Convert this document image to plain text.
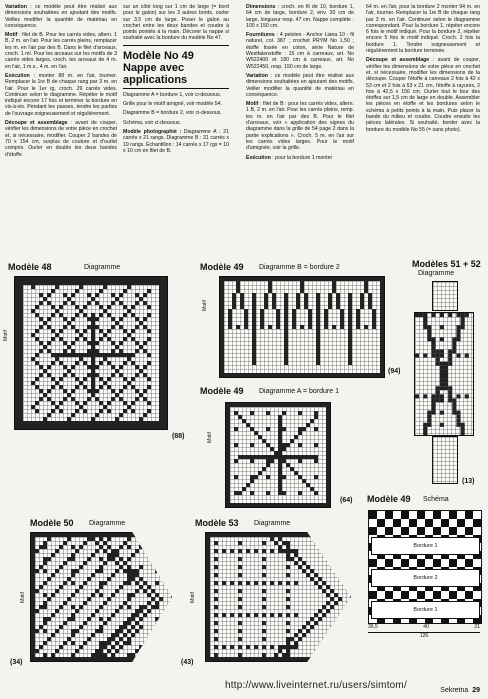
Variation : ce modèle peut être réalisé aux dimensions souhaitées en ajoutant des motifs. Veillez modifier la quantité de matériau en conséquence.

Motif : filet de B. Pour les carrés vides, altern. 1 B, 2 m. en l'air. Pour les carrés pleins, remplacer les m. en l'air par des B. Dans le filet d'arceaux, croch. 1 ml. Pour les arceaux sur les motifs de 3 carrés vides larges, croch. les arceaux de 4 m. en l'air, 1 m.s., 4 m. en l'air.

Exécution : monter 88 m. en l'air, tourner. Remplacer la 1re B de chaque rang par 3 m. en l'air. Pour le 1er rg, croch. 29 carrés vides. Continuer selon le diagramme. Répéter le motif indiqué encore 17 fois et terminer la bordure en vis-à-vis. Pendant les passes, tendre les parties de l'ouvrage soigneusement et régulièrement.

Découpe et assemblage : avant de couper, vérifier les dimensions de votre pièce en crochet et, si nécessaire, modifier. Couper 2 bandes de 70 x 154 cm, surplus de couture et d'ourlet compris. Ourler en double les deux bandes d'étoffe.

sur un côté long sur 1 cm de large (= bord pour le galon) sur les 3 autres bords, ourler sur 3,5 cm de large. Poser le galon au crochet entre les deux bandes et coudre à points pointés à la main. Décorer la nappe si souhaité avec la bordure du modèle No 47.

Modèle No 49
Nappe avec
applications

Diagramme A = bordure 1, voir ci-dessous.

Grille pour le motif amigné, voir modèle 54.

Diagramme B = bordure 2, voir ci-dessous.

Schéma, voir ci-dessous.

Modèle photographié : Diagramme A : 21 carrés x 21 rangs. Diagramme B : 31 carrés x 19 rangs. Échantillon : 14 carrés x 17 rgs = 10 x 10 cm en filet de B.

Dimensions : croch. en fil de 10, bordure 1, 64 cm de large, bordure 2, env. 20 cm de large, longueur resp. 47 cm. Nappe complète : 100 x 150 cm.

Fournitures : 4 pelotes - Anchor Liana 10 - fil naturel, col. 387 ; crochet PRYM No 1,50 ; étoffe tissée en coton, série Nature de Westfalenstoffe : 15 cm à carreaux, art. No W522400 et 180 cm à carreaux, art. No W522450, resp. 150 cm de large.

Variation : ce modèle peut être réalisé aux dimensions souhaitées en ajoutant des motifs. Veiller modifier la quantité de matériau en conséquence.

Motif : filet de B : pour les carrés vides, altern. 1 B, 2 m. en l'air. Pour les carrés pleins, remp. les m. en l'air par des B. Pour le filet d'arceaux, voir « application des signes du diagramme dans la grille de 54 page 2 dans la partie explications ». Croch. 5 m. en l'air sur les carrés vides larges. Pour le motif d'amignée, voir la grille.

Exécution : pour la bordure 1 monter

64 m. en l'air, pour la bordure 2 monter 94 m. en l'air, tourner. Remplacer la 1re B de chaque rang par 3 m. en l'air. Continuer selon le diagramme correspondant. Pour la bordure 1, répéter encore 6 fois le motif indiqué. Pour la bordure 2, répéter encore 5 fois le motif indiqué. Croch. 2 fois la bordure 1. Tendre soigneusement et régulièrement la bordure terminée.

Découpe et assemblage : avant de couper, vérifier les dimensions de votre pièce en crochet et, si nécessaire, modifier les dimensions de la découpe. Couper l'étoffe à carreaux 2 fois à 42 x 53 cm et 2 fois à 53 x 21 cm, l'étoffe à rayures, 2 fois à 42,5 x 156 cm. Ourler tout le tour des étoffes sur 1,5 cm de large en double. Assembler les pièces en étoffe et les bordures selon le schéma à petits points à la main. Puis placer la bande du milieu et coudre. Coudre ensuite les pièces latérales. Si souhaité, border avec la bordure du modèle No 55 (= sans photo).

Modèle 48	Diagramme
Motif
(88)
Modèle 49 Diagramme B = bordure 2
Motif
(94)
Modèle 49 Diagramme A = bordure 1
Motif
(64)
Modèles 51 + 52
Diagramme
(13)
Modèle 50 Diagramme
Motif
(34)
Modèle 53 Diagramme
Motif
(43)
Modèle 49 Schéma
Bordure 1
Bordure 2
Bordure 1
36,5	40	21
126
http://www.liveinternet.ru/users/simtom/	Sekretna 29
